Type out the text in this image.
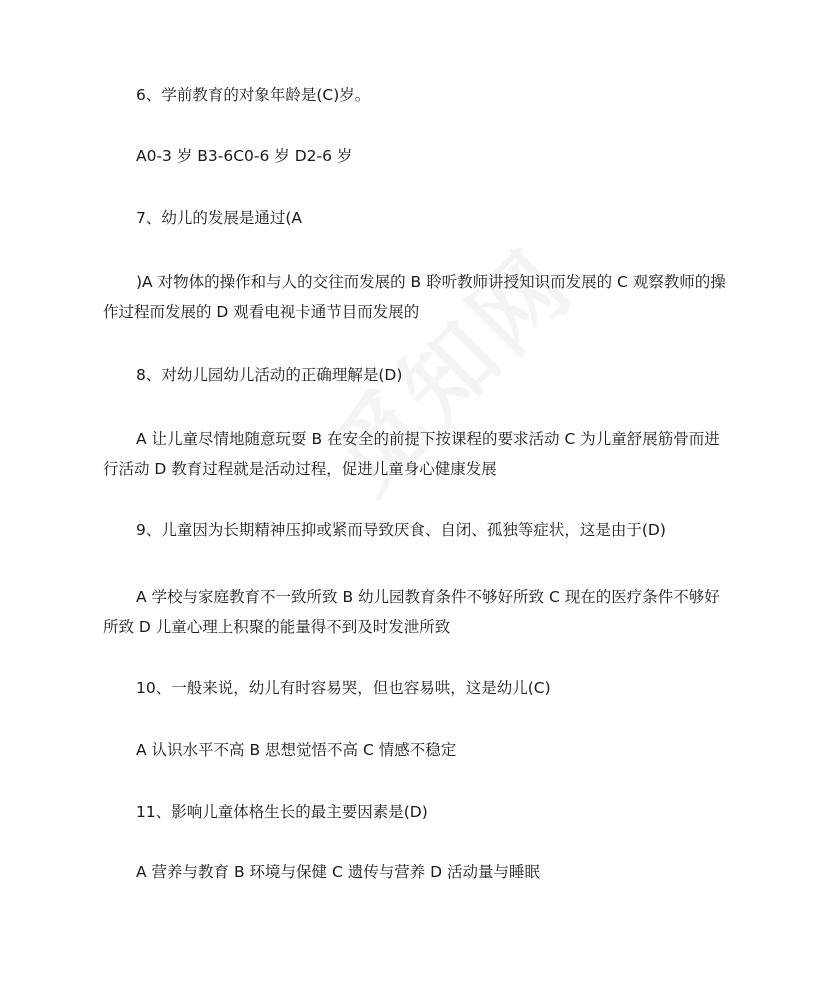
6、学前教育的对象年龄是(C)岁。
A0-3 岁 B3-6C0-6 岁 D2-6 岁
7、幼儿的发展是通过(A
)A 对物体的操作和与人的交往而发展的 B 聆听教师讲授知识而发展的 C 观察教师的操作过程而发展的 D 观看电视卡通节目而发展的
8、对幼儿园幼儿活动的正确理解是(D)
A 让儿童尽情地随意玩耍 B 在安全的前提下按课程的要求活动 C 为儿童舒展筋骨而进行活动 D 教育过程就是活动过程，促进儿童身心健康发展
9、儿童因为长期精神压抑或紧而导致厌食、自闭、孤独等症状，这是由于(D)
A 学校与家庭教育不一致所致 B 幼儿园教育条件不够好所致 C 现在的医疗条件不够好所致 D 儿童心理上积聚的能量得不到及时发泄所致
10、一般来说，幼儿有时容易哭，但也容易哄，这是幼儿(C)
A 认识水平不高 B 思想觉悟不高 C 情感不稳定
11、影响儿童体格生长的最主要因素是(D)
A 营养与教育 B 环境与保健 C 遗传与营养 D 活动量与睡眠
